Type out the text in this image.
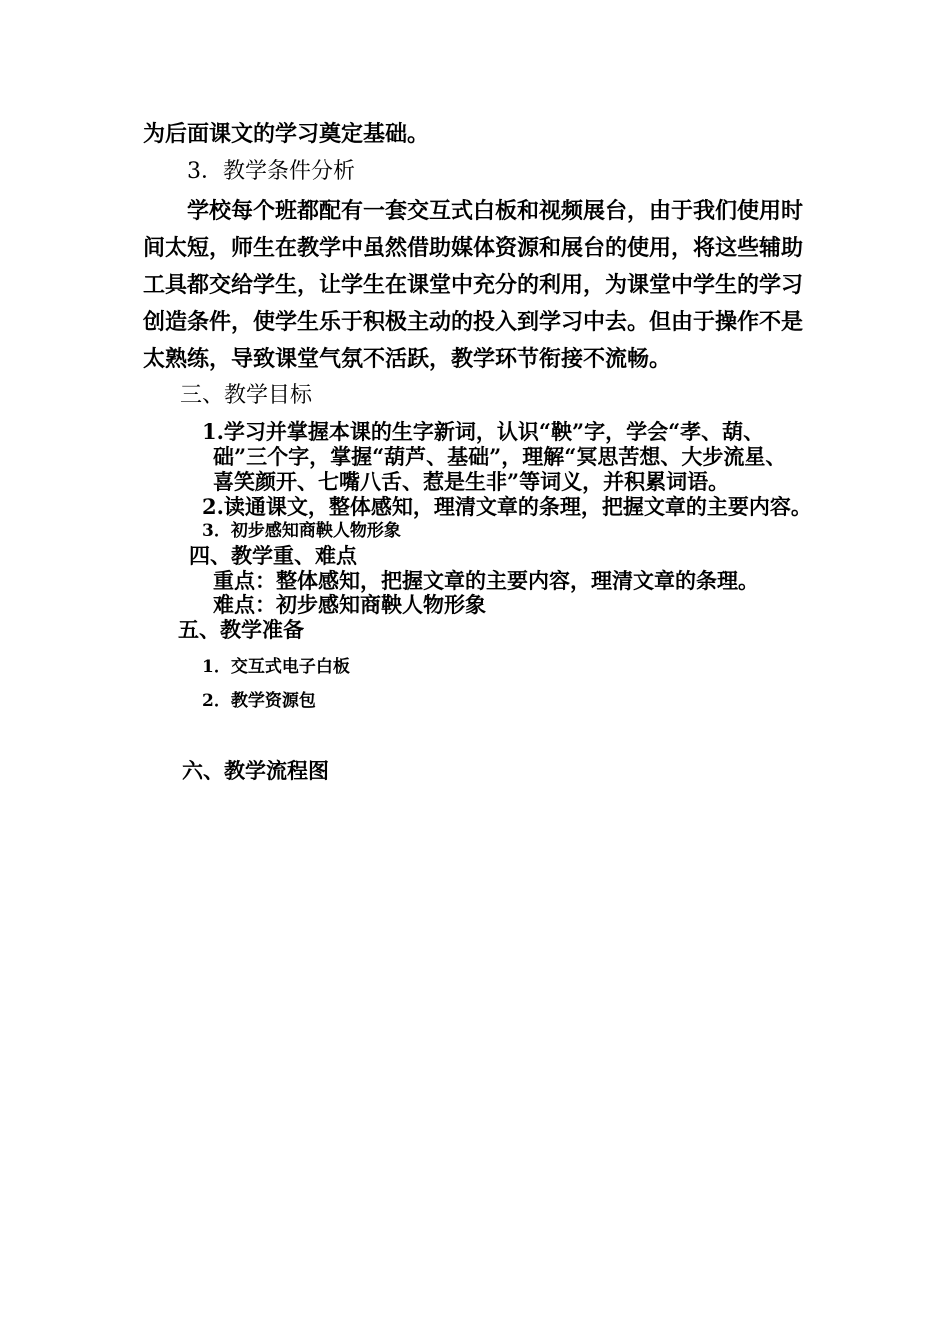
为后面课文的学习奠定基础。
3．教学条件分析
学校每个班都配有一套交互式白板和视频展台，由于我们使用时
间太短，师生在教学中虽然借助媒体资源和展台的使用，将这些辅助
工具都交给学生，让学生在课堂中充分的利用，为课堂中学生的学习
创造条件，使学生乐于积极主动的投入到学习中去。但由于操作不是
太熟练，导致课堂气氛不活跃，教学环节衔接不流畅。
三、教学目标
1.学习并掌握本课的生字新词，认识“鞅”字，学会“孝、葫、
础”三个字，掌握“葫芦、基础”，理解“冥思苦想、大步流星、
喜笑颜开、七嘴八舌、惹是生非”等词义，并积累词语。
2.读通课文，整体感知，理清文章的条理，把握文章的主要内容。
3．初步感知商鞅人物形象
四、教学重、难点
重点：整体感知，把握文章的主要内容，理清文章的条理。
难点：初步感知商鞅人物形象
五、教学准备
1．交互式电子白板
2．教学资源包
六、教学流程图
